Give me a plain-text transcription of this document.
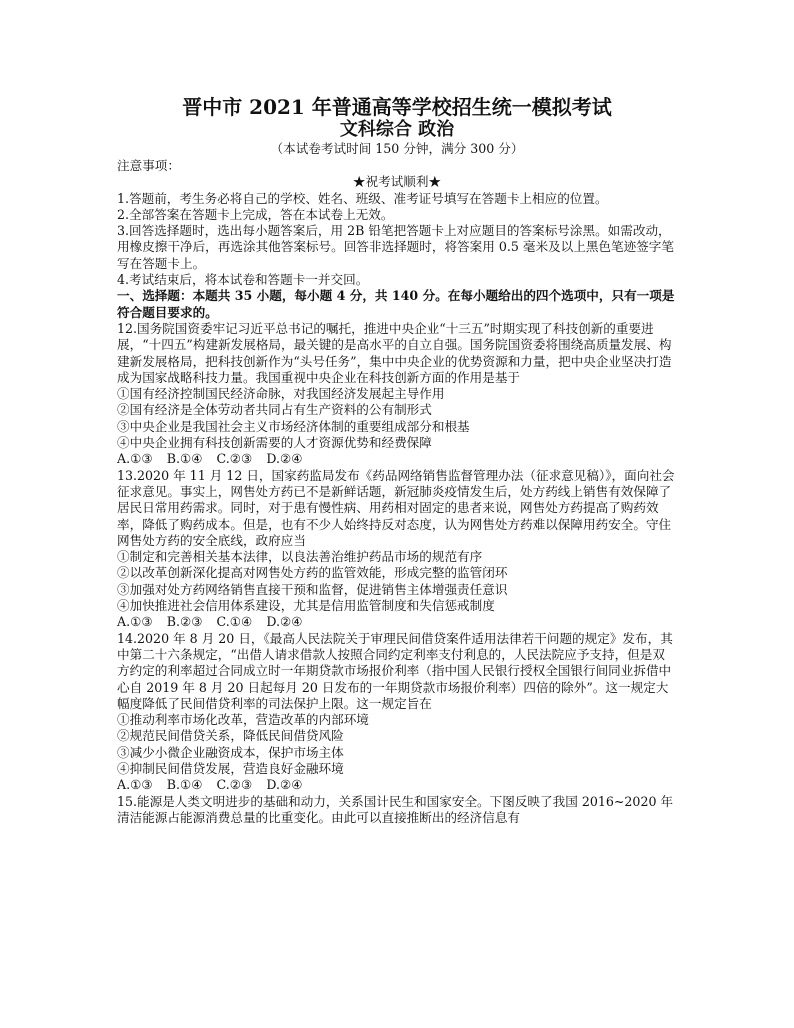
晋中市 2021 年普通高等学校招生统一模拟考试
文科综合 政治
（本试卷考试时间 150 分钟，满分 300 分）
注意事项：
★祝考试顺利★
1.答题前，考生务必将自己的学校、姓名、班级、准考证号填写在答题卡上相应的位置。
2.全部答案在答题卡上完成，答在本试卷上无效。
3.回答选择题时，选出每小题答案后，用 2B 铅笔把答题卡上对应题目的答案标号涂黑。如需改动，用橡皮擦干净后，再选涂其他答案标号。回答非选择题时，将答案用 0.5 毫米及以上黑色笔迹签字笔写在答题卡上。
4.考试结束后，将本试卷和答题卡一并交回。
一、选择题：本题共 35 小题，每小题 4 分，共 140 分。在每小题给出的四个选项中，只有一项是符合题目要求的。
12.国务院国资委牢记习近平总书记的嘱托，推进中央企业“十三五”时期实现了科技创新的重要进展，“十四五”构建新发展格局，最关键的是高水平的自立自强。国务院国资委将围绕高质量发展、构建新发展格局，把科技创新作为“头号任务”，集中中央企业的优势资源和力量，把中央企业坚决打造成为国家战略科技力量。我国重视中央企业在科技创新方面的作用是基于
①国有经济控制国民经济命脉，对我国经济发展起主导作用
②国有经济是全体劳动者共同占有生产资料的公有制形式
③中央企业是我国社会主义市场经济体制的重要组成部分和根基
④中央企业拥有科技创新需要的人才资源优势和经费保障
A.①③ B.①④ C.②③ D.②④
13.2020 年 11 月 12 日，国家药监局发布《药品网络销售监督管理办法（征求意见稿）》，面向社会征求意见。事实上，网售处方药已不是新鲜话题，新冠肺炎疫情发生后，处方药线上销售有效保障了居民日常用药需求。同时，对于患有慢性病、用药相对固定的患者来说，网售处方药提高了购药效率，降低了购药成本。但是，也有不少人始终持反对态度，认为网售处方药难以保障用药安全。守住网售处方药的安全底线，政府应当
①制定和完善相关基本法律，以良法善治维护药品市场的规范有序
②以改革创新深化提高对网售处方药的监管效能，形成完整的监管闭环
③加强对处方药网络销售直接干预和监督，促进销售主体增强责任意识
④加快推进社会信用体系建设，尤其是信用监管制度和失信惩戒制度
A.①③ B.②③ C.①④ D.②④
14.2020 年 8 月 20 日，《最高人民法院关于审理民间借贷案件适用法律若干问题的规定》发布，其中第二十六条规定，“出借人请求借款人按照合同约定利率支付利息的，人民法院应予支持，但是双方约定的利率超过合同成立时一年期贷款市场报价利率（指中国人民银行授权全国银行间同业拆借中心自 2019 年 8 月 20 日起每月 20 日发布的一年期贷款市场报价利率）四倍的除外”。这一规定大幅度降低了民间借贷利率的司法保护上限。这一规定旨在
①推动利率市场化改革，营造改革的内部环境
②规范民间借贷关系，降低民间借贷风险
③减少小微企业融资成本，保护市场主体
④抑制民间借贷发展，营造良好金融环境
A.①③ B.①④ C.②③ D.②④
15.能源是人类文明进步的基础和动力，关系国计民生和国家安全。下图反映了我国 2016~2020 年清洁能源占能源消费总量的比重变化。由此可以直接推断出的经济信息有
